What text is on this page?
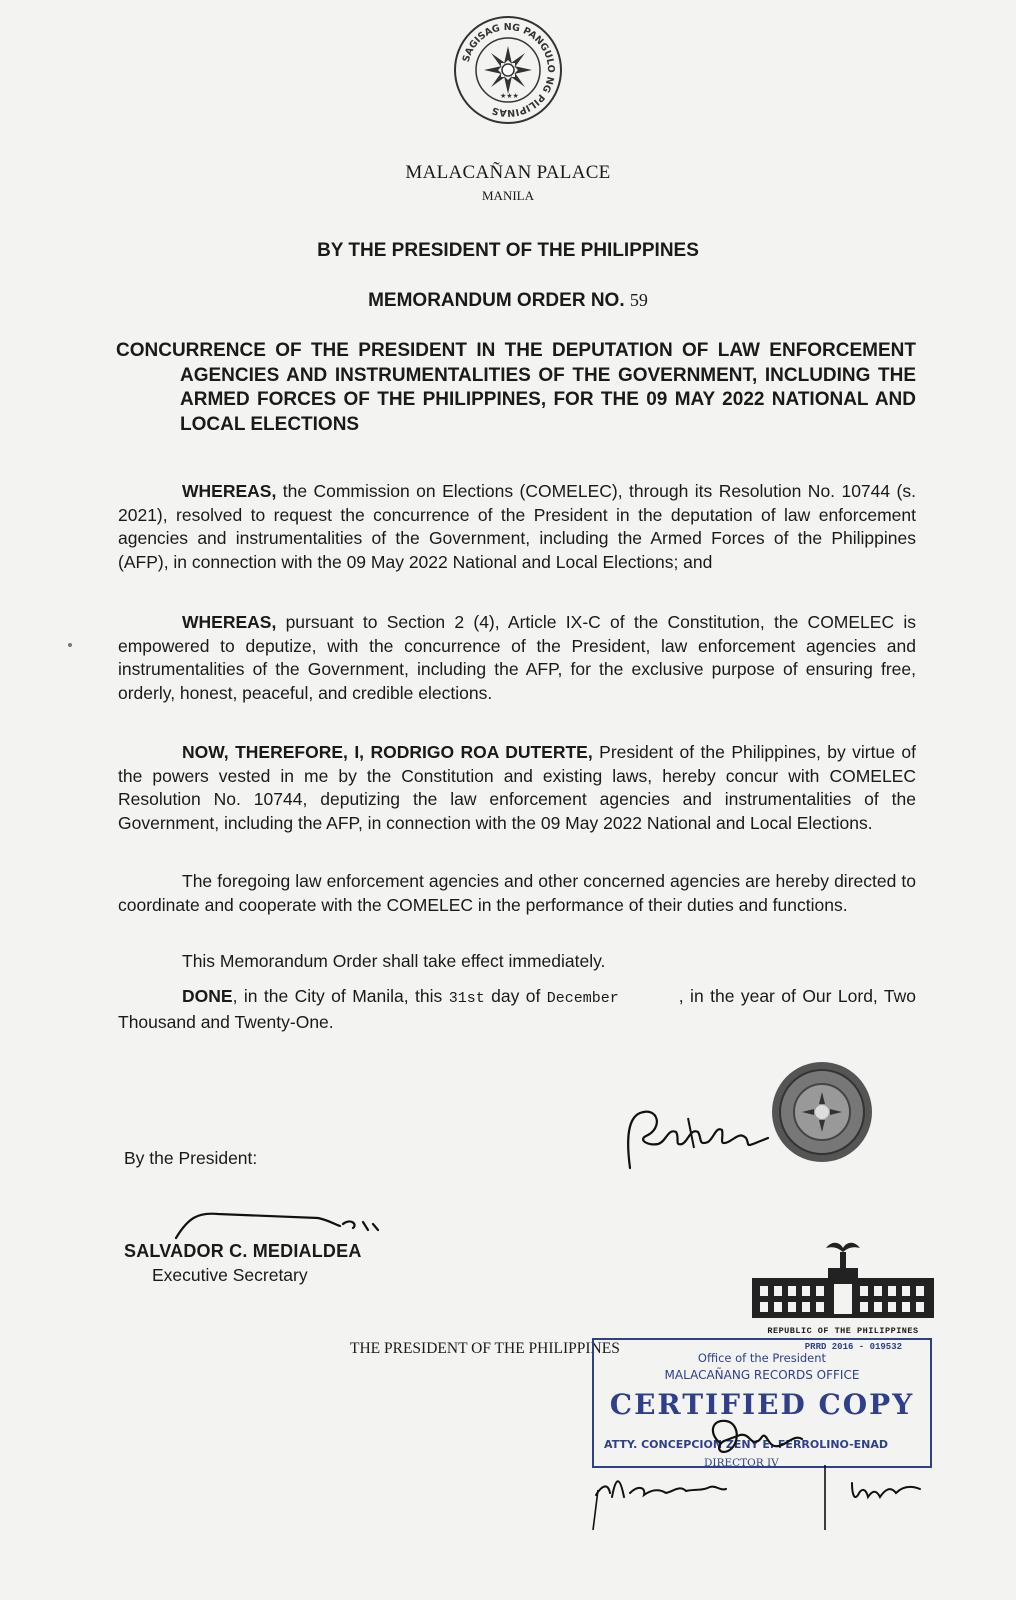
SAGISAG NG PANGULO NG PILIPINAS
★★★
MALACAÑAN PALACE
MANILA
BY THE PRESIDENT OF THE PHILIPPINES
MEMORANDUM ORDER NO. 59
CONCURRENCE OF THE PRESIDENT IN THE DEPUTATION OF LAW ENFORCEMENT AGENCIES AND INSTRUMENTALITIES OF THE GOVERNMENT, INCLUDING THE ARMED FORCES OF THE PHILIPPINES, FOR THE 09 MAY 2022 NATIONAL AND LOCAL ELECTIONS
WHEREAS, the Commission on Elections (COMELEC), through its Resolution No. 10744 (s. 2021), resolved to request the concurrence of the President in the deputation of law enforcement agencies and instrumentalities of the Government, including the Armed Forces of the Philippines (AFP), in connection with the 09 May 2022 National and Local Elections; and
WHEREAS, pursuant to Section 2 (4), Article IX-C of the Constitution, the COMELEC is empowered to deputize, with the concurrence of the President, law enforcement agencies and instrumentalities of the Government, including the AFP, for the exclusive purpose of ensuring free, orderly, honest, peaceful, and credible elections.
NOW, THEREFORE, I, RODRIGO ROA DUTERTE, President of the Philippines, by virtue of the powers vested in me by the Constitution and existing laws, hereby concur with COMELEC Resolution No. 10744, deputizing the law enforcement agencies and instrumentalities of the Government, including the AFP, in connection with the 09 May 2022 National and Local Elections.
The foregoing law enforcement agencies and other concerned agencies are hereby directed to coordinate and cooperate with the COMELEC in the performance of their duties and functions.
This Memorandum Order shall take effect immediately.
DONE, in the City of Manila, this 31st day of December	, in the year of Our Lord, Two Thousand and Twenty-One.
By the President:
SALVADOR C. MEDIALDEA
Executive Secretary
REPUBLIC OF THE PHILIPPINES
THE PRESIDENT OF THE PHILIPPINES	PRRD 2016 - 019532
Office of the President
MALACAÑANG RECORDS OFFICE
CERTIFIED COPY
ATTY. CONCEPCION ZENY E. FERROLINO-ENAD
DIRECTOR IV
